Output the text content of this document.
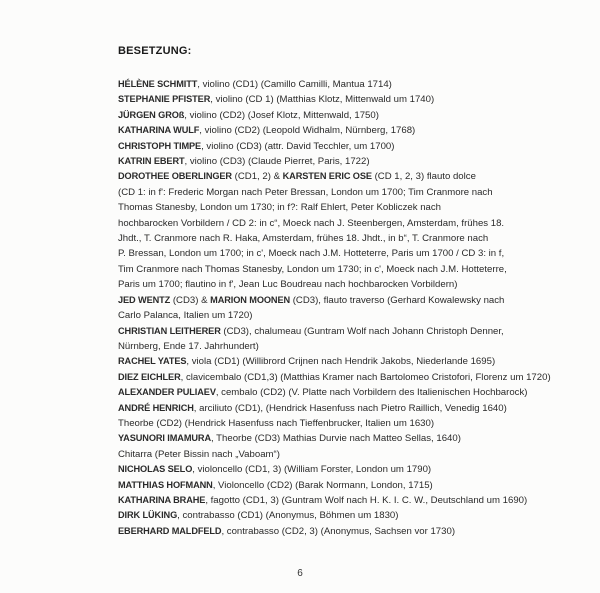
BESETZUNG:
HÉLÈNE SCHMITT, violino (CD1) (Camillo Camilli, Mantua 1714)
STEPHANIE PFISTER, violino (CD 1) (Matthias Klotz, Mittenwald um 1740)
JÜRGEN GROß, violino (CD2) (Josef Klotz, Mittenwald, 1750)
KATHARINA WULF, violino (CD2) (Leopold Widhalm, Nürnberg, 1768)
CHRISTOPH TIMPE, violino (CD3) (attr. David Tecchler, um 1700)
KATRIN EBERT, violino (CD3) (Claude Pierret, Paris, 1722)
DOROTHEE OBERLINGER (CD1, 2) & KARSTEN ERIC OSE (CD 1, 2, 3) flauto dolce
(CD 1: in f': Frederic Morgan nach Peter Bressan, London um 1700; Tim Cranmore nach
Thomas Stanesby, London um 1730; in f?: Ralf Ehlert, Peter Kobliczek nach
hochbarocken Vorbildern / CD 2: in c“, Moeck nach J. Steenbergen, Amsterdam, frühes 18.
Jhdt., T. Cranmore nach R. Haka, Amsterdam, frühes 18. Jhdt., in b“, T. Cranmore nach
P. Bressan, London um 1700; in c', Moeck nach J.M. Hotteterre, Paris um 1700 / CD 3: in f,
Tim Cranmore nach Thomas Stanesby, London um 1730; in c', Moeck nach J.M. Hotteterre,
Paris um 1700; flautino in f', Jean Luc Boudreau nach hochbarocken Vorbildern)
JED WENTZ (CD3) & MARION MOONEN (CD3), flauto traverso (Gerhard Kowalewsky nach
Carlo Palanca, Italien um 1720)
CHRISTIAN LEITHERER (CD3), chalumeau (Guntram Wolf nach Johann Christoph Denner,
Nürnberg, Ende 17. Jahrhundert)
RACHEL YATES, viola (CD1) (Willibrord Crijnen nach Hendrik Jakobs, Niederlande 1695)
DIEZ EICHLER, clavicembalo (CD1,3) (Matthias Kramer nach Bartolomeo Cristofori, Florenz um 1720)
ALEXANDER PULIAEV, cembalo (CD2) (V. Platte nach Vorbildern des Italienischen Hochbarock)
ANDRÉ HENRICH, arciliuto (CD1), (Hendrick Hasenfuss nach Pietro Raillich, Venedig 1640)
Theorbe (CD2) (Hendrick Hasenfuss nach Tieffenbrucker, Italien um 1630)
YASUNORI IMAMURA, Theorbe (CD3) Mathias Durvie nach Matteo Sellas, 1640)
Chitarra (Peter Bissin nach „Vaboam“)
NICHOLAS SELO, violoncello (CD1, 3) (William Forster, London um 1790)
MATTHIAS HOFMANN, Violoncello (CD2) (Barak Normann, London, 1715)
KATHARINA BRAHE, fagotto (CD1, 3) (Guntram Wolf nach H. K. I. C. W., Deutschland um 1690)
DIRK LÜKING, contrabasso (CD1) (Anonymus, Böhmen um 1830)
EBERHARD MALDFELD, contrabasso (CD2, 3) (Anonymus, Sachsen vor 1730)
6
